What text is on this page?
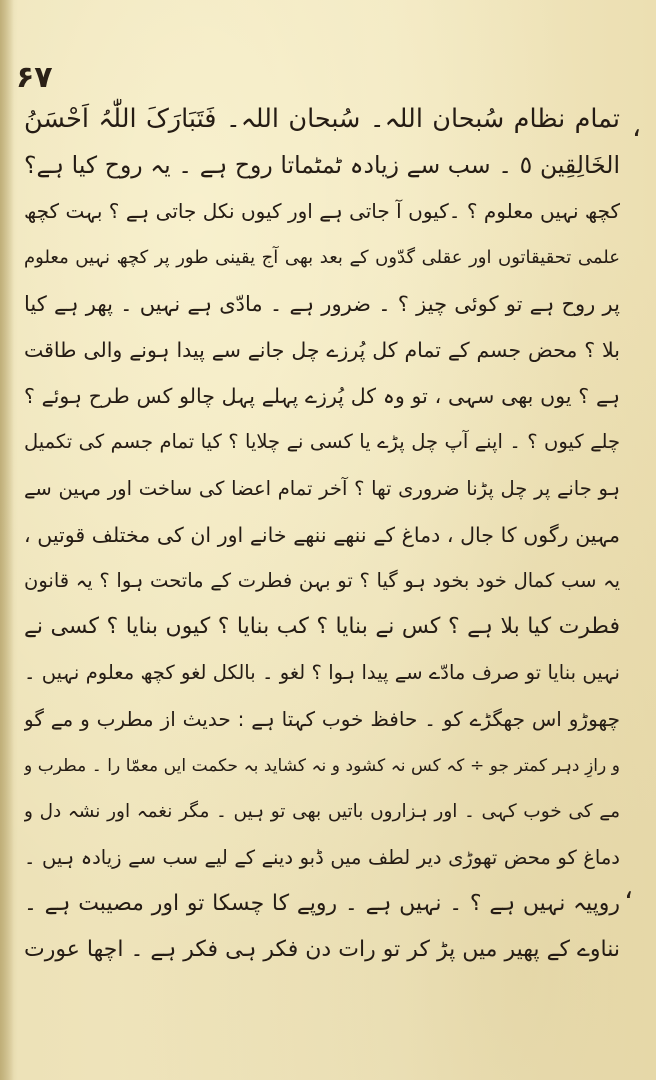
۶۷
،
،
تمام نظام سُبحان اللہ۔ سُبحان اللہ۔ فَتَبَارَکَ اللّٰہُ اَحْسَنُ
الخَالِقِین ٥ ۔ سب سے زیادہ ٹمٹماتا روح ہے ۔ یہ روح کیا ہے؟
کچھ نہیں معلوم ؟ ۔کیوں آ جاتی ہے اور کیوں نکل جاتی ہے ؟ بہت کچھ
علمی تحقیقاتوں اور عقلی گدّوں کے بعد بھی آج یقینی طور پر کچھ نہیں معلوم
پر روح ہے تو کوئی چیز ؟ ۔ ضرور ہے ۔ مادّی ہے نہیں ۔ پھر ہے کیا
بلا ؟ محض جسم کے تمام کل پُرزے چل جانے سے پیدا ہونے والی طاقت
ہے ؟ یوں بھی سہی ، تو وہ کل پُرزے پہلے پہل چالو کس طرح ہوئے ؟
چلے کیوں ؟ ۔ اپنے آپ چل پڑے یا کسی نے چلایا ؟ کیا تمام جسم کی تکمیل
ہو جانے پر چل پڑنا ضروری تھا ؟ آخر تمام اعضا کی ساخت اور مہین سے
مہین رگوں کا جال ، دماغ کے ننھے ننھے خانے اور ان کی مختلف قوتیں ،
یہ سب کمال خود بخود ہو گیا ؟ تو بہن فطرت کے ماتحت ہوا ؟ یہ قانون
فطرت کیا بلا ہے ؟ کس نے بنایا ؟ کب بنایا ؟ کیوں بنایا ؟ کسی نے
نہیں بنایا تو صرف مادّے سے پیدا ہوا ؟ لغو ۔ بالکل لغو کچھ معلوم نہیں ۔
چھوڑو اس جھگڑے کو ۔ حافظ خوب کہتا ہے : حدیث از مطرب و مے گو
و رازِ دہر کمتر جو ÷ کہ کس نہ کشود و نہ کشاید بہ حکمت ایں معمّا را ۔ مطرب و
مے کی خوب کہی ۔ اور ہزاروں باتیں بھی تو ہیں ۔ مگر نغمہ اور نشہ دل و
دماغ کو محض تھوڑی دیر لطف میں ڈبو دینے کے لیے سب سے زیادہ ہیں ۔
روپیہ نہیں ہے ؟ ۔ نہیں ہے ۔ روپے کا چسکا تو اور مصیبت ہے ۔
نناوے کے پھیر میں پڑ کر تو رات دن فکر ہی فکر ہے ۔ اچھا عورت
